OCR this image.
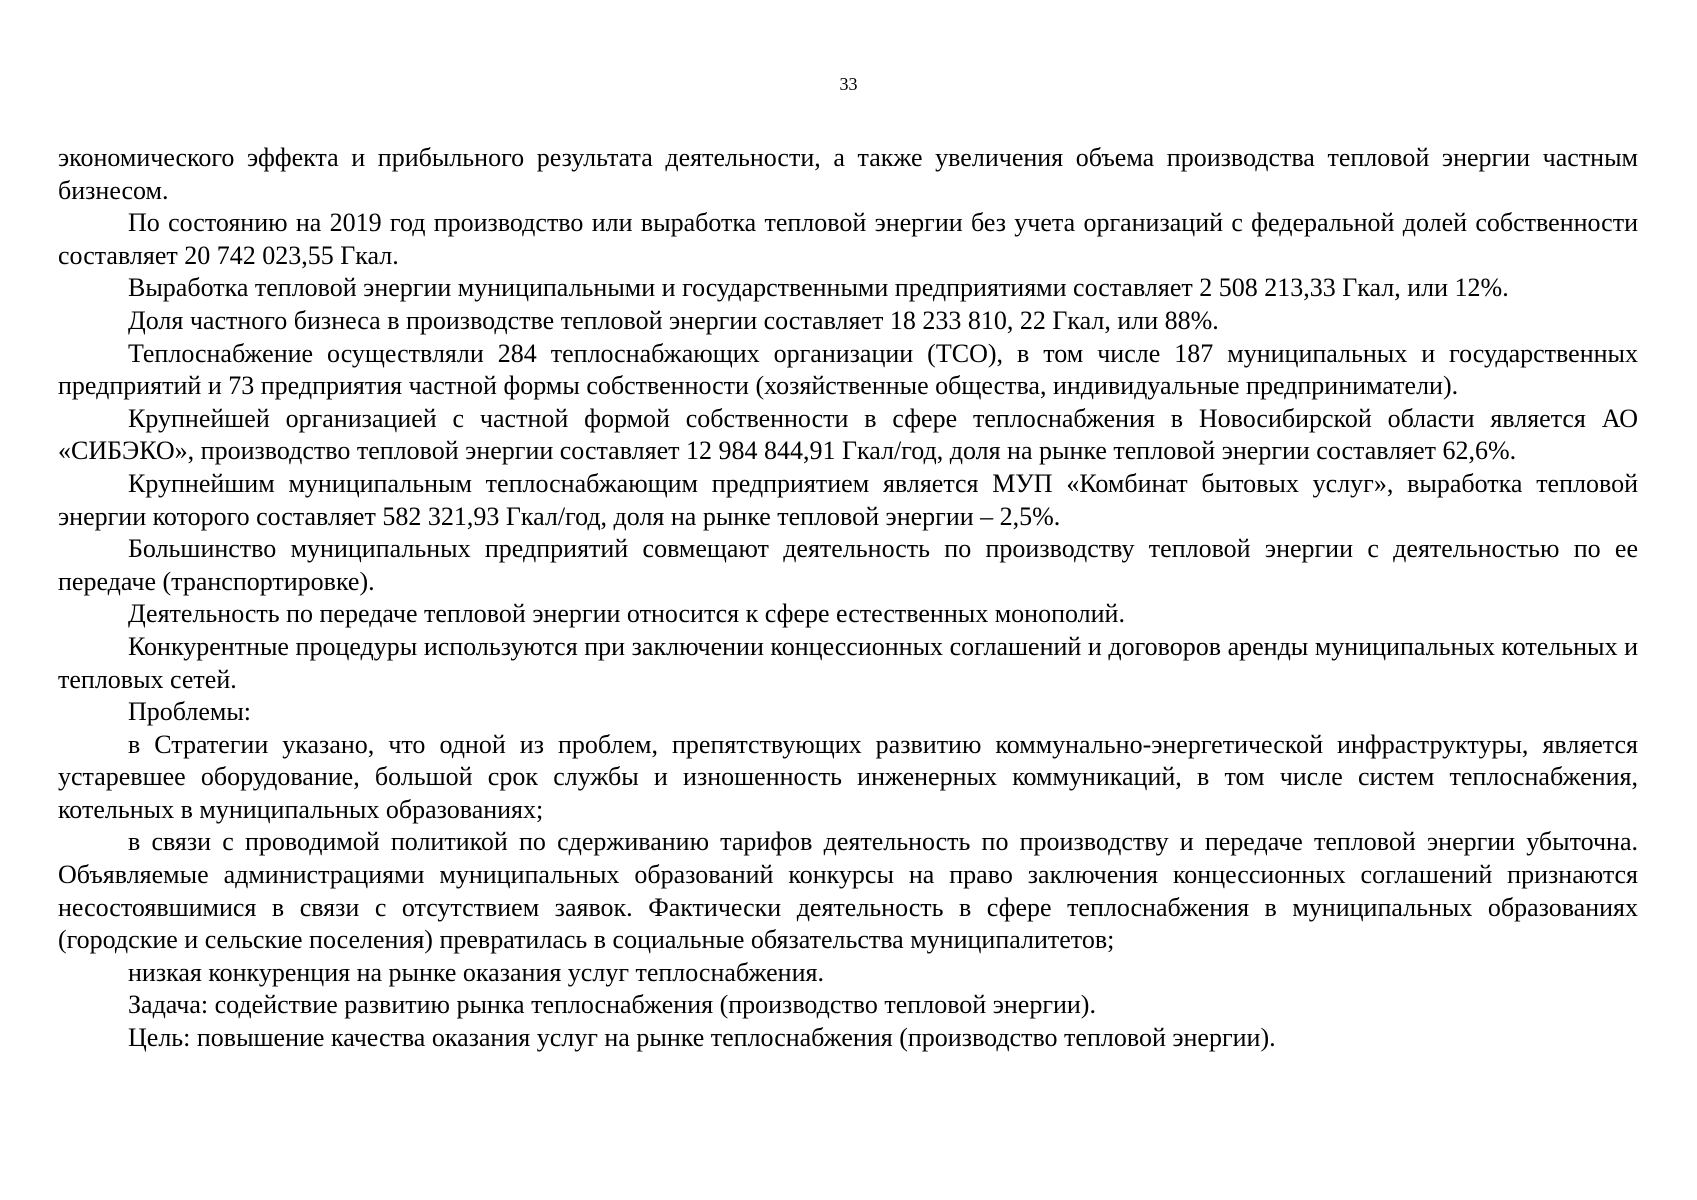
33

экономического эффекта и прибыльного результата деятельности, а также увеличения объема производства тепловой энергии частным бизнесом.

По состоянию на 2019 год производство или выработка тепловой энергии без учета организаций с федеральной долей собственности составляет 20 742 023,55 Гкал.

Выработка тепловой энергии муниципальными и государственными предприятиями составляет 2 508 213,33 Гкал, или 12%.

Доля частного бизнеса в производстве тепловой энергии составляет 18 233 810, 22 Гкал, или 88%.

Теплоснабжение осуществляли 284 теплоснабжающих организации (ТСО), в том числе 187 муниципальных и государственных предприятий и 73 предприятия частной формы собственности (хозяйственные общества, индивидуальные предприниматели).

Крупнейшей организацией с частной формой собственности в сфере теплоснабжения в Новосибирской области является АО «СИБЭКО», производство тепловой энергии составляет 12 984 844,91 Гкал/год, доля на рынке тепловой энергии составляет 62,6%.

Крупнейшим муниципальным теплоснабжающим предприятием является МУП «Комбинат бытовых услуг», выработка тепловой энергии которого составляет 582 321,93 Гкал/год, доля на рынке тепловой энергии – 2,5%.

Большинство муниципальных предприятий совмещают деятельность по производству тепловой энергии с деятельностью по ее передаче (транспортировке).

Деятельность по передаче тепловой энергии относится к сфере естественных монополий.

Конкурентные процедуры используются при заключении концессионных соглашений и договоров аренды муниципальных котельных и тепловых сетей.

Проблемы:

в Стратегии указано, что одной из проблем, препятствующих развитию коммунально-энергетической инфраструктуры, является устаревшее оборудование, большой срок службы и изношенность инженерных коммуникаций, в том числе систем теплоснабжения, котельных в муниципальных образованиях;

в связи с проводимой политикой по сдерживанию тарифов деятельность по производству и передаче тепловой энергии убыточна. Объявляемые администрациями муниципальных образований конкурсы на право заключения концессионных соглашений признаются несостоявшимися в связи с отсутствием заявок. Фактически деятельность в сфере теплоснабжения в муниципальных образованиях (городские и сельские поселения) превратилась в социальные обязательства муниципалитетов;

низкая конкуренция на рынке оказания услуг теплоснабжения.

Задача: содействие развитию рынка теплоснабжения (производство тепловой энергии).

Цель: повышение качества оказания услуг на рынке теплоснабжения (производство тепловой энергии).
